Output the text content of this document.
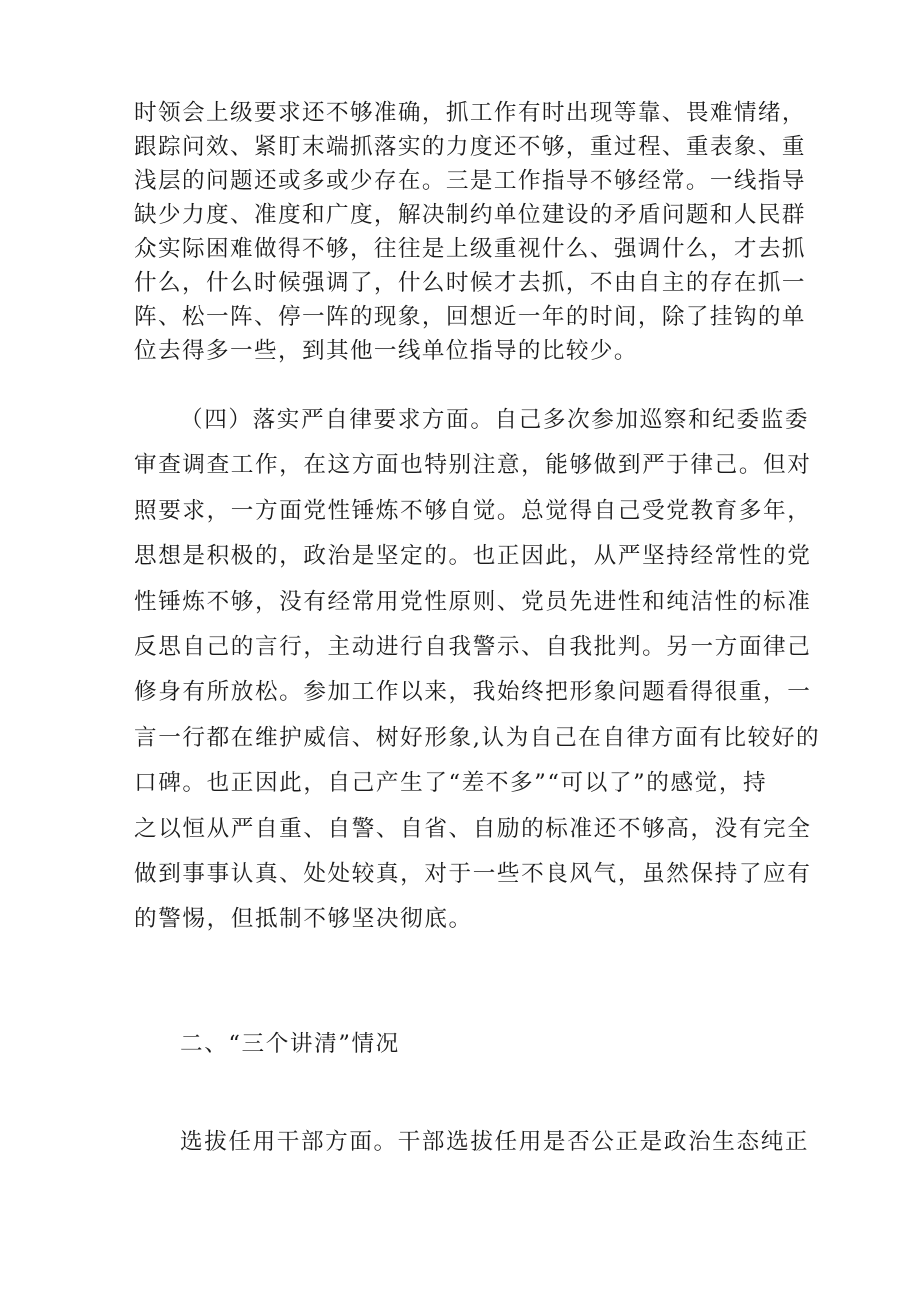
时领会上级要求还不够准确，抓工作有时出现等靠、畏难情绪，
跟踪问效、紧盯末端抓落实的力度还不够，重过程、重表象、重
浅层的问题还或多或少存在。三是工作指导不够经常。一线指导
缺少力度、准度和广度，解决制约单位建设的矛盾问题和人民群
众实际困难做得不够，往往是上级重视什么、强调什么，才去抓
什么，什么时候强调了，什么时候才去抓，不由自主的存在抓一
阵、松一阵、停一阵的现象，回想近一年的时间，除了挂钩的单
位去得多一些，到其他一线单位指导的比较少。
（四）落实严自律要求方面。自己多次参加巡察和纪委监委
审查调查工作，在这方面也特别注意，能够做到严于律己。但对
照要求，一方面党性锤炼不够自觉。总觉得自己受党教育多年，
思想是积极的，政治是坚定的。也正因此，从严坚持经常性的党
性锤炼不够，没有经常用党性原则、党员先进性和纯洁性的标准
反思自己的言行，主动进行自我警示、自我批判。另一方面律己
修身有所放松。参加工作以来，我始终把形象问题看得很重，一
言一行都在维护威信、树好形象,认为自己在自律方面有比较好的
口碑。也正因此，自己产生了“差不多”“可以了”的感觉，持
之以恒从严自重、自警、自省、自励的标准还不够高，没有完全
做到事事认真、处处较真，对于一些不良风气，虽然保持了应有
的警惕，但抵制不够坚决彻底。
二、“三个讲清”情况
选拔任用干部方面。干部选拔任用是否公正是政治生态纯正
